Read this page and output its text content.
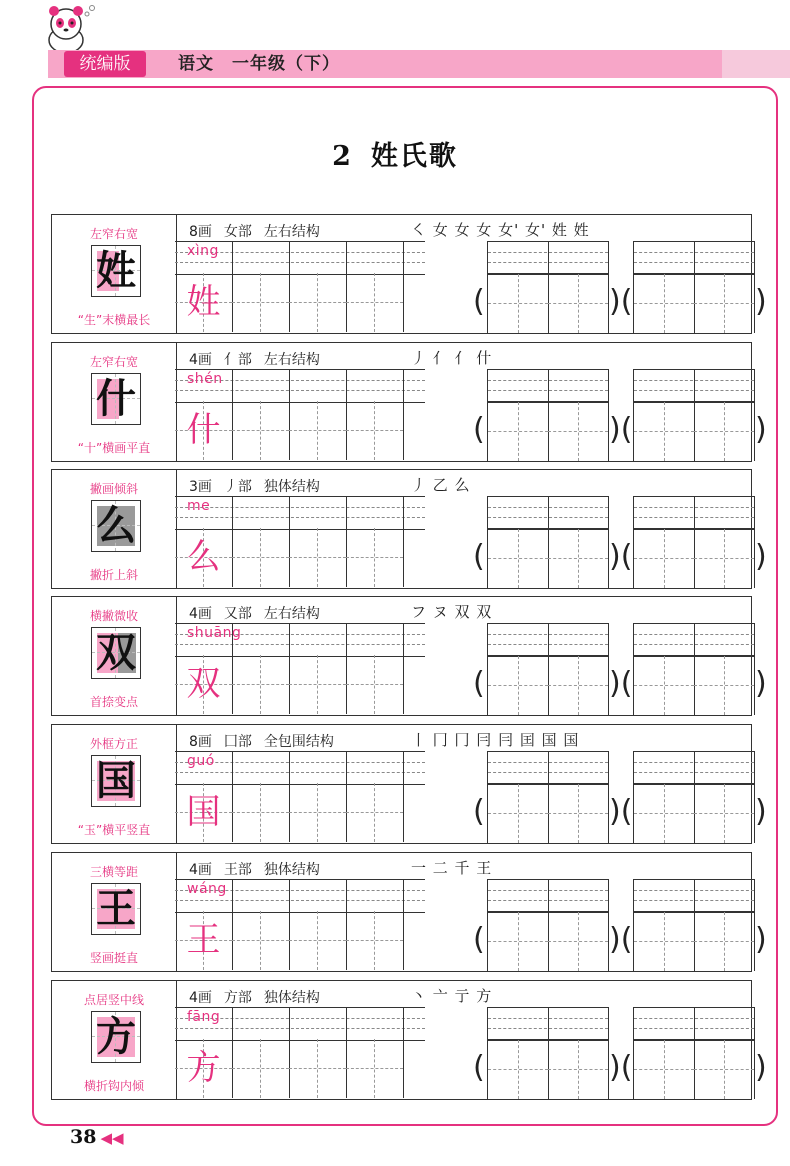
统编版	语文　一年级（下）
2 姓氏歌
左窄右宽
姓
“生”末横最长
8画 女部 左右结构	㇛ 女 女 女 女' 女' 姓 姓
xìng
姓	(	)(	)
左窄右宽
什
“十”横画平直
4画 亻部 左右结构	丿 亻 亻 什
shén
什	(	)(	)
撇画倾斜
么
撇折上斜
3画 丿部 独体结构	丿 乙 么
me
么	(	)(	)
横撇微收
双
首捺变点
4画 又部 左右结构	フ ヌ 双 双
shuāng
双	(	)(	)
外框方正
国
“玉”横平竖直
8画 囗部 全包围结构	丨 冂 冂 冃 冃 囯 国 国
guó
国	(	)(	)
三横等距
王
竖画挺直
4画 王部 独体结构	一 二 千 王
wáng
王	(	)(	)
点居竖中线
方
横折钩内倾
4画 方部 独体结构	丶 亠 亍 方
fāng
方	(	)(	)
38 ◀◀
